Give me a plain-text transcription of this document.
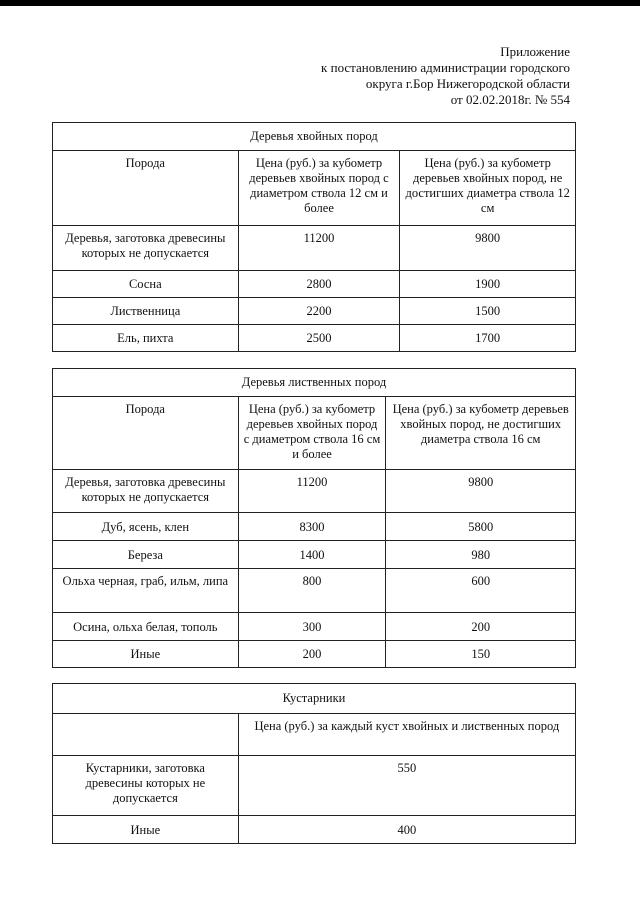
Приложение
к постановлению администрации городского
округа г.Бор Нижегородской области
от 02.02.2018г. № 554
Деревья хвойных пород		
Порода	Цена (руб.) за кубометр деревьев хвойных пород с диаметром ствола 12 см и более	Цена (руб.) за кубометр деревьев хвойных пород, не достигших диаметра ствола 12 см
Деревья, заготовка древесины которых не допускается	11200	9800
Сосна	2800	1900
Лиственница	2200	1500
Ель, пихта	2500	1700
Деревья лиственных пород		
Порода	Цена (руб.) за кубометр деревьев хвойных пород с диаметром ствола 16 см и более	Цена (руб.) за кубометр деревьев хвойных пород, не достигших диаметра ствола 16 см
Деревья, заготовка древесины которых не допускается	11200	9800
Дуб, ясень, клен	8300	5800
Береза	1400	980
Ольха черная, граб, ильм, липа	800	600
Осина, ольха белая, тополь	300	200
Иные	200	150
Кустарники	
	Цена (руб.) за каждый куст хвойных и лиственных пород
Кустарники, заготовка древесины которых не допускается	550
Иные	400
